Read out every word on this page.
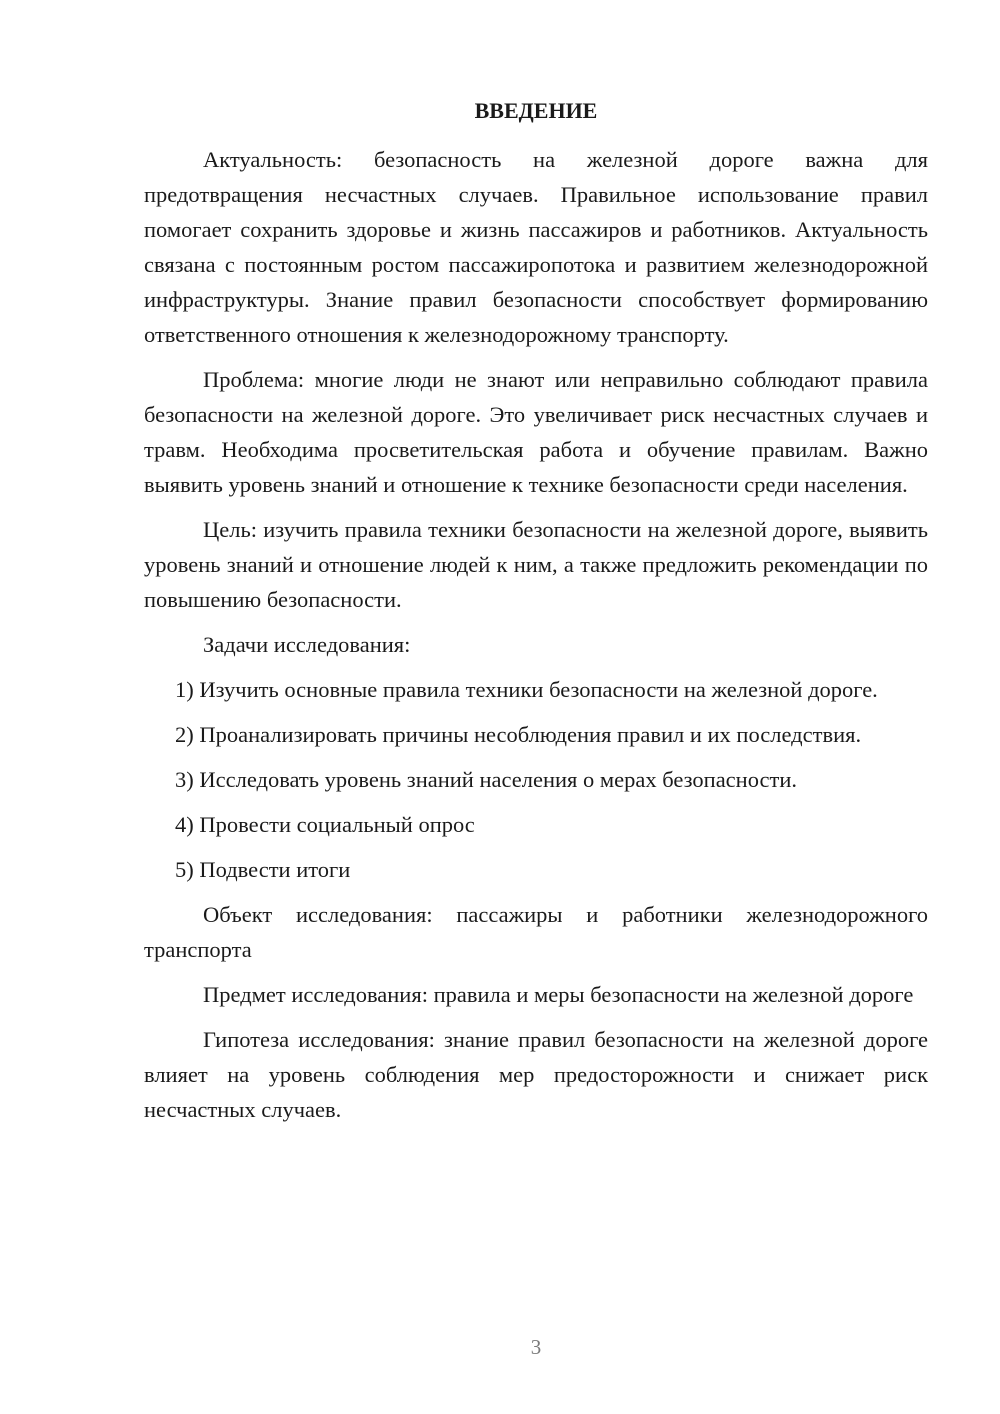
ВВЕДЕНИЕ

Актуальность: безопасность на железной дороге важна для предотвращения несчастных случаев. Правильное использование правил помогает сохранить здоровье и жизнь пассажиров и работников. Актуальность связана с постоянным ростом пассажиропотока и развитием железнодорожной инфраструктуры. Знание правил безопасности способствует формированию ответственного отношения к железнодорожному транспорту.

Проблема: многие люди не знают или неправильно соблюдают правила безопасности на железной дороге. Это увеличивает риск несчастных случаев и травм. Необходима просветительская работа и обучение правилам. Важно выявить уровень знаний и отношение к технике безопасности среди населения.

Цель: изучить правила техники безопасности на железной дороге, выявить уровень знаний и отношение людей к ним, а также предложить рекомендации по повышению безопасности.

Задачи исследования:

1) Изучить основные правила техники безопасности на железной дороге.

2) Проанализировать причины несоблюдения правил и их последствия.

3) Исследовать уровень знаний населения о мерах безопасности.

4) Провести социальный опрос

5) Подвести итоги

Объект исследования: пассажиры и работники железнодорожного транспорта

Предмет исследования: правила и меры безопасности на железной дороге

Гипотеза исследования: знание правил безопасности на железной дороге влияет на уровень соблюдения мер предосторожности и снижает риск несчастных случаев.

3
